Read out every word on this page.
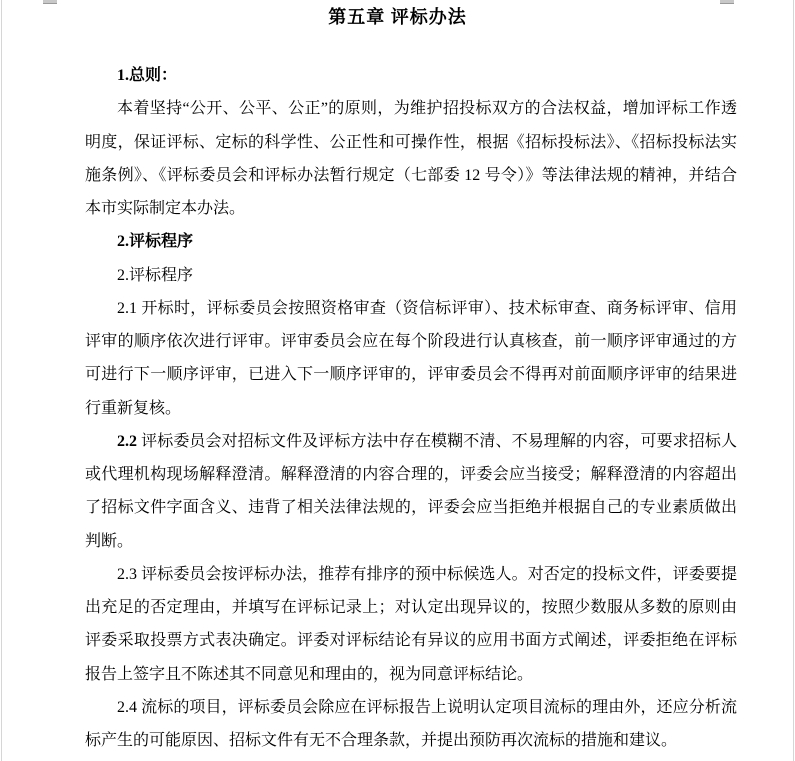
第五章 评标办法

1.总则：

本着坚持“公开、公平、公正”的原则，为维护招投标双方的合法权益，增加评标工作透明度，保证评标、定标的科学性、公正性和可操作性，根据《招标投标法》、《招标投标法实施条例》、《评标委员会和评标办法暂行规定（七部委 12 号令）》等法律法规的精神，并结合本市实际制定本办法。

2.评标程序

2.评标程序

2.1 开标时，评标委员会按照资格审查（资信标评审）、技术标审查、商务标评审、信用评审的顺序依次进行评审。评审委员会应在每个阶段进行认真核查，前一顺序评审通过的方可进行下一顺序评审，已进入下一顺序评审的，评审委员会不得再对前面顺序评审的结果进行重新复核。

2.2 评标委员会对招标文件及评标方法中存在模糊不清、不易理解的内容，可要求招标人或代理机构现场解释澄清。解释澄清的内容合理的，评委会应当接受；解释澄清的内容超出了招标文件字面含义、违背了相关法律法规的，评委会应当拒绝并根据自己的专业素质做出判断。

2.3 评标委员会按评标办法，推荐有排序的预中标候选人。对否定的投标文件，评委要提出充足的否定理由，并填写在评标记录上；对认定出现异议的，按照少数服从多数的原则由评委采取投票方式表决确定。评委对评标结论有异议的应用书面方式阐述，评委拒绝在评标报告上签字且不陈述其不同意见和理由的，视为同意评标结论。

2.4 流标的项目，评标委员会除应在评标报告上说明认定项目流标的理由外，还应分析流标产生的可能原因、招标文件有无不合理条款，并提出预防再次流标的措施和建议。
